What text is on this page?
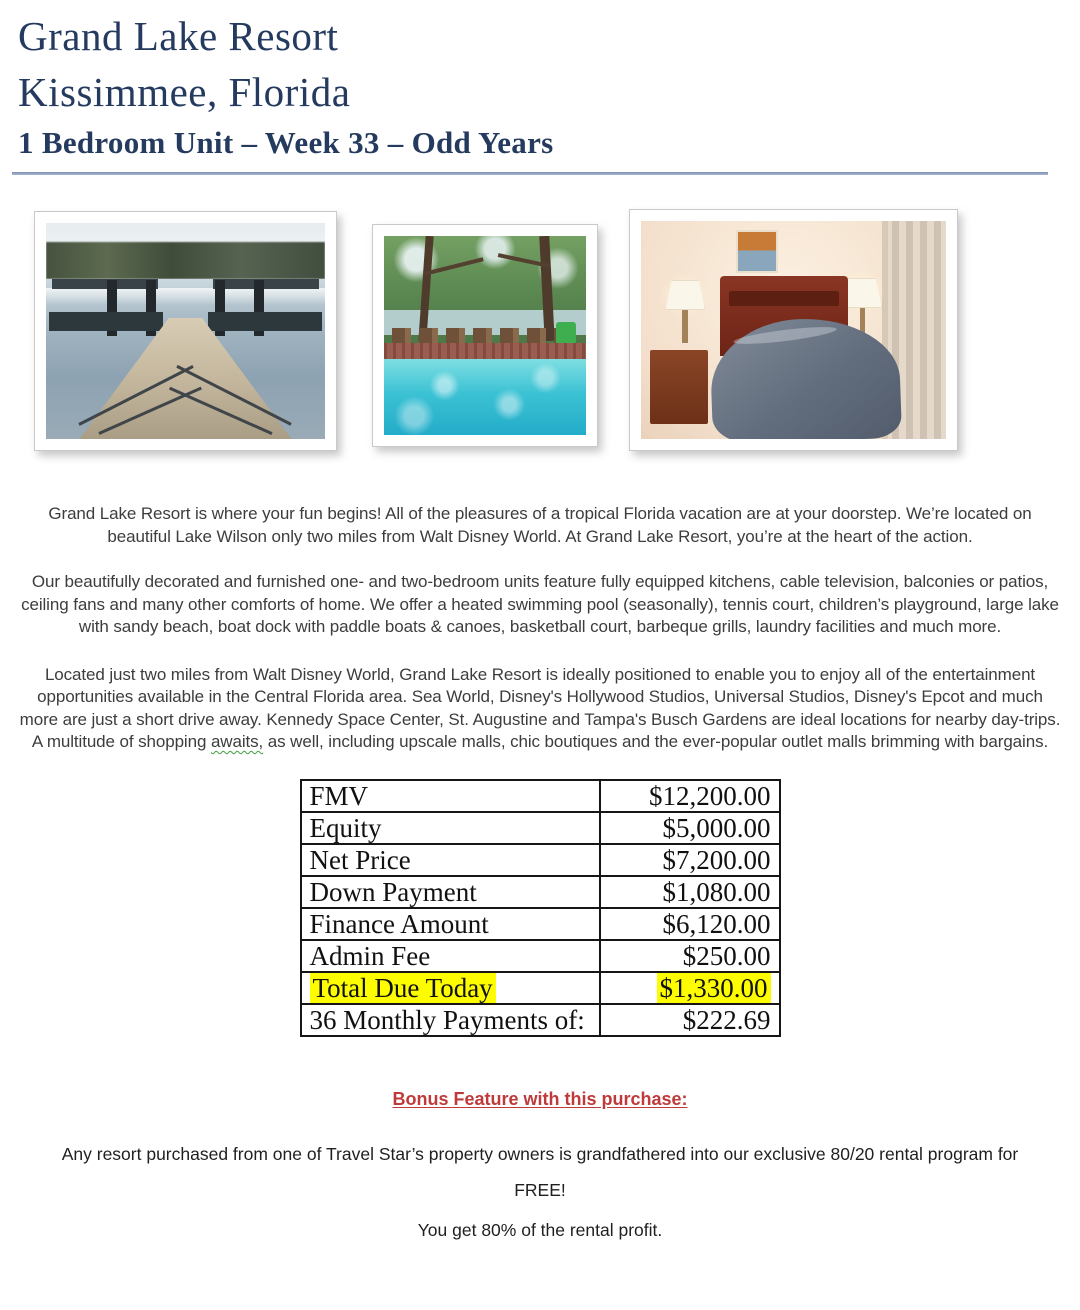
Grand Lake Resort
Kissimmee, Florida
1 Bedroom Unit – Week 33 – Odd Years

Grand Lake Resort is where your fun begins! All of the pleasures of a tropical Florida vacation are at your doorstep. We’re located on beautiful Lake Wilson only two miles from Walt Disney World. At Grand Lake Resort, you’re at the heart of the action.

Our beautifully decorated and furnished one- and two-bedroom units feature fully equipped kitchens, cable television, balconies or patios, ceiling fans and many other comforts of home. We offer a heated swimming pool (seasonally), tennis court, children’s playground, large lake with sandy beach, boat dock with paddle boats & canoes, basketball court, barbeque grills, laundry facilities and much more.

Located just two miles from Walt Disney World, Grand Lake Resort is ideally positioned to enable you to enjoy all of the entertainment opportunities available in the Central Florida area. Sea World, Disney's Hollywood Studios, Universal Studios, Disney's Epcot and much more are just a short drive away. Kennedy Space Center, St. Augustine and Tampa's Busch Gardens are ideal locations for nearby day-trips. A multitude of shopping awaits, as well, including upscale malls, chic boutiques and the ever-popular outlet malls brimming with bargains.

FMV	$12,200.00
Equity	$5,000.00
Net Price	$7,200.00
Down Payment	$1,080.00
Finance Amount	$6,120.00
Admin Fee	$250.00
Total Due Today	$1,330.00
36 Monthly Payments of:	$222.69
Bonus Feature with this purchase:

Any resort purchased from one of Travel Star’s property owners is grandfathered into our exclusive 80/20 rental program for FREE!

You get 80% of the rental profit.
